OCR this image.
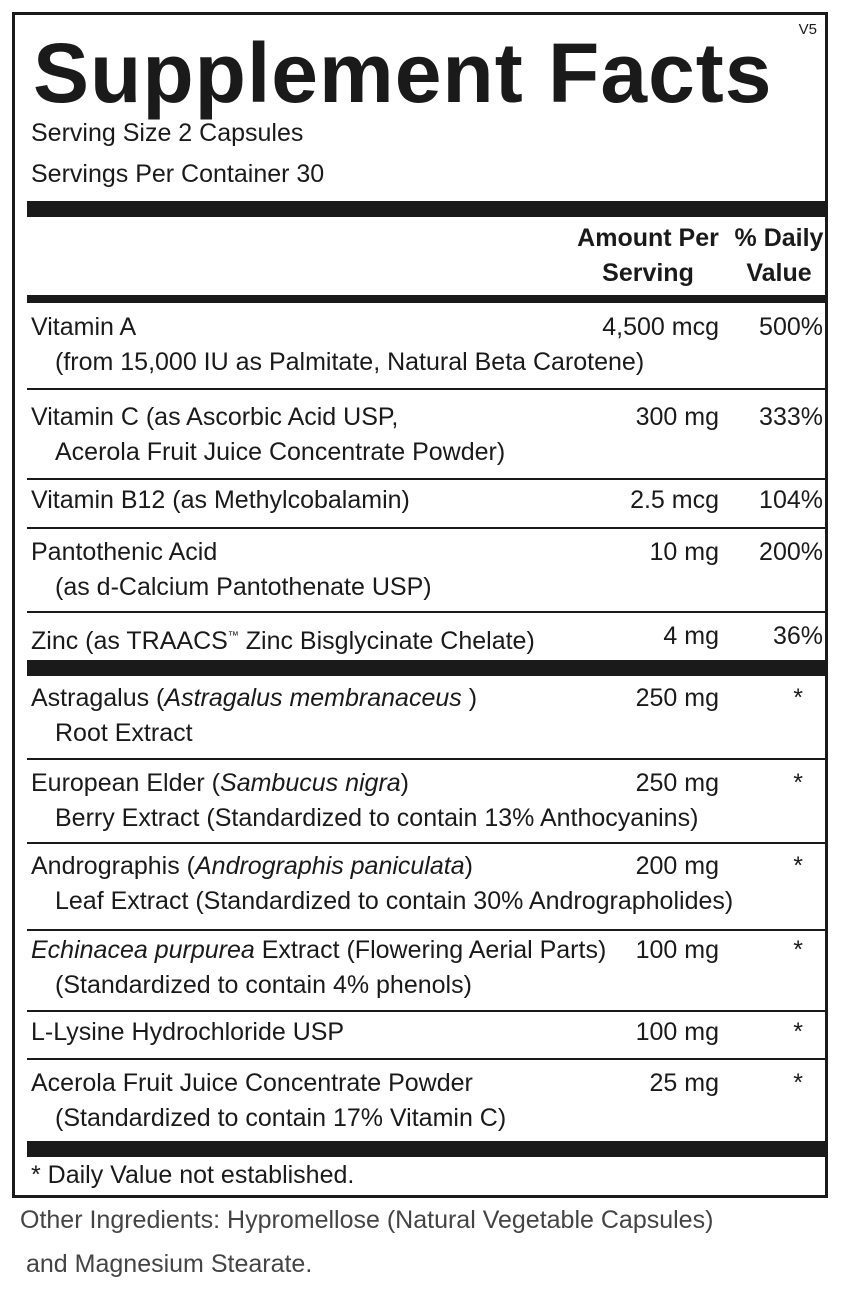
Supplement Facts V5
Serving Size 2 Capsules
Servings Per Container 30
Amount Per
Serving
% Daily
Value
Vitamin A
(from 15,000 IU as Palmitate, Natural Beta Carotene)
4,500 mcg 500%
Vitamin C (as Ascorbic Acid USP,
Acerola Fruit Juice Concentrate Powder)
300 mg 333%
Vitamin B12 (as Methylcobalamin)	2.5 mcg 104%
Pantothenic Acid
(as d-Calcium Pantothenate USP)
10 mg 200%
Zinc (as TRAACS™ Zinc Bisglycinate Chelate)	4 mg 36%
Astragalus (Astragalus membranaceus )
Root Extract
250 mg	*
European Elder (Sambucus nigra)
Berry Extract (Standardized to contain 13% Anthocyanins)
250 mg	*
Andrographis (Andrographis paniculata)
Leaf Extract (Standardized to contain 30% Andrographolides)
200 mg	*
Echinacea purpurea Extract (Flowering Aerial Parts)
(Standardized to contain 4% phenols)
100 mg	*
L-Lysine Hydrochloride USP	100 mg	*
Acerola Fruit Juice Concentrate Powder
(Standardized to contain 17% Vitamin C)
25 mg	*
* Daily Value not established.
Other Ingredients: Hypromellose (Natural Vegetable Capsules)
and Magnesium Stearate.
